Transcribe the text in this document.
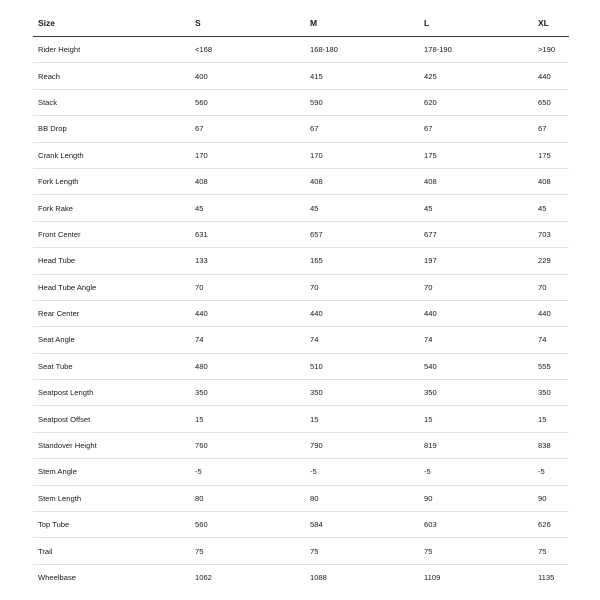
Size	S	M	L	XL
Rider Height	<168	168-180	178-190	>190
Reach	400	415	425	440
Stack	560	590	620	650
BB Drop	67	67	67	67
Crank Length	170	170	175	175
Fork Length	408	408	408	408
Fork Rake	45	45	45	45
Front Center	631	657	677	703
Head Tube	133	165	197	229
Head Tube Angle	70	70	70	70
Rear Center	440	440	440	440
Seat Angle	74	74	74	74
Seat Tube	480	510	540	555
Seatpost Length	350	350	350	350
Seatpost Offset	15	15	15	15
Standover Height	760	790	819	838
Stem Angle	-5	-5	-5	-5
Stem Length	80	80	90	90
Top Tube	560	584	603	626
Trail	75	75	75	75
Wheelbase	1062	1088	1109	1135
